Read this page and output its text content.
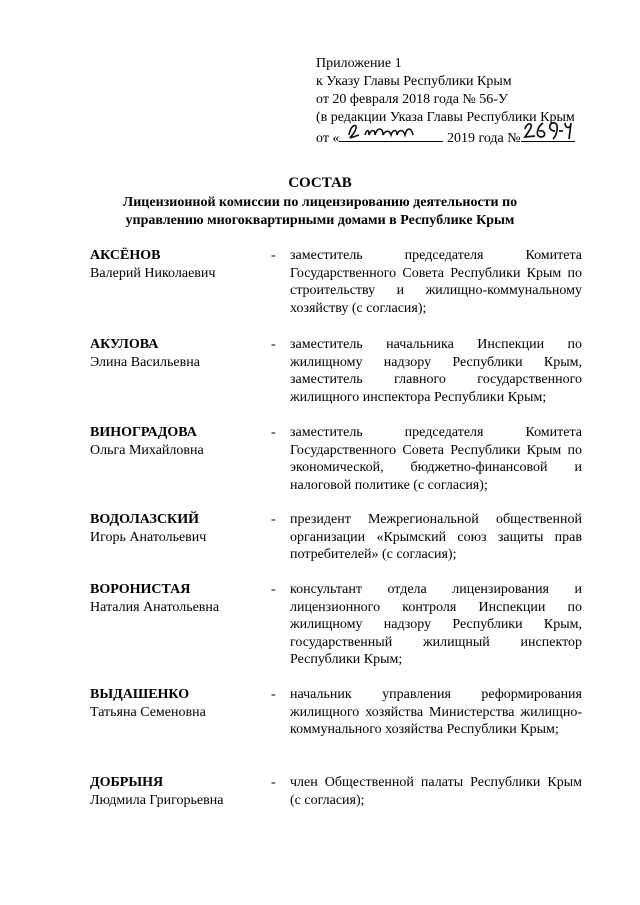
Приложение 1
к Указу Главы Республики Крым
от 20 февраля 2018 года № 56-У
(в редакции Указа Главы Республики Крым
от «	2019 года №
СОСТАВ
Лицензионной комиссии по лицензированию деятельности по
управлению многоквартирными домами в Республике Крым
АКСЁНОВ
Валерий Николаевич
- заместитель председателя Комитета Государственного Совета Республики Крым по строительству и жилищно-коммунальному хозяйству (с согласия);
АКУЛОВА
Элина Васильевна
- заместитель начальника Инспекции по жилищному надзору Республики Крым, заместитель главного государственного жилищного инспектора Республики Крым;
ВИНОГРАДОВА
Ольга Михайловна
- заместитель председателя Комитета Государственного Совета Республики Крым по экономической, бюджетно-финансовой и налоговой политике (с согласия);
ВОДОЛАЗСКИЙ
Игорь Анатольевич
- президент Межрегиональной общественной организации «Крымский союз защиты прав потребителей» (с согласия);
ВОРОНИСТАЯ
Наталия Анатольевна
- консультант отдела лицензирования и лицензионного контроля Инспекции по жилищному надзору Республики Крым, государственный жилищный инспектор Республики Крым;
ВЫДАШЕНКО
Татьяна Семеновна
- начальник управления реформирования жилищного хозяйства Министерства жилищно-коммунального хозяйства Республики Крым;
ДОБРЫНЯ
Людмила Григорьевна
- член Общественной палаты Республики Крым (с согласия);
